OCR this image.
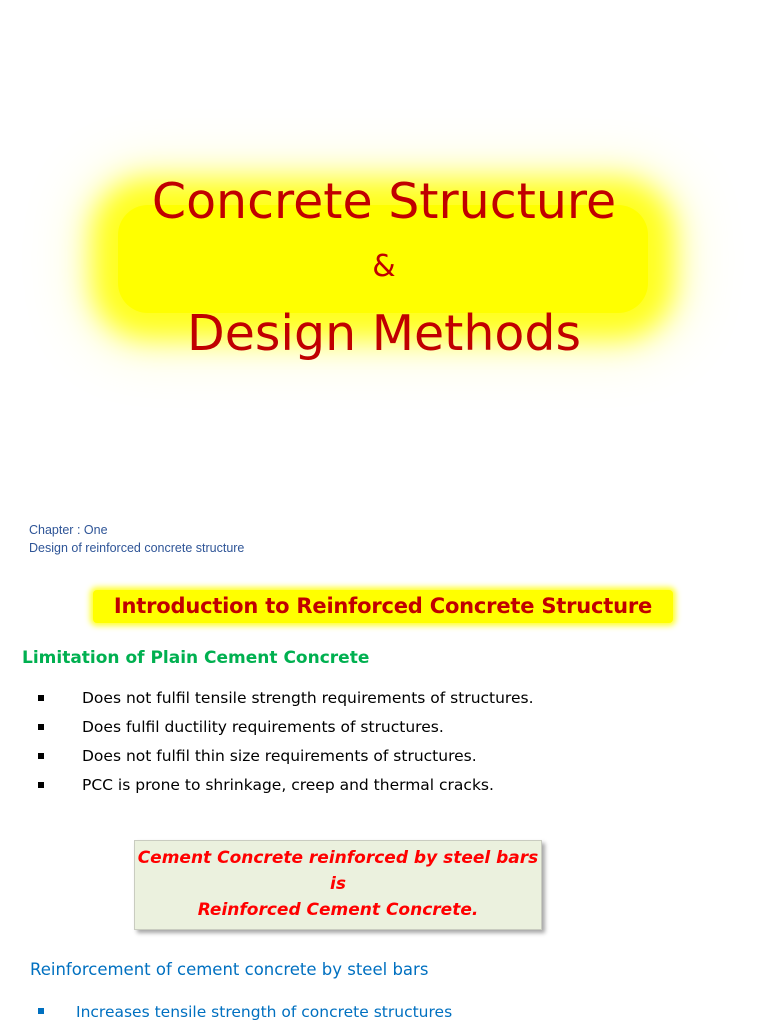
Concrete Structure
&
Design Methods
Chapter : One
Design of reinforced concrete structure
Introduction to Reinforced Concrete Structure
Limitation of Plain Cement Concrete
Does not fulfil tensile strength requirements of structures.
Does fulfil ductility requirements of structures.
Does not fulfil thin size requirements of structures.
PCC is prone to shrinkage, creep and thermal cracks.
Cement Concrete reinforced by steel bars
is
Reinforced Cement Concrete.
Reinforcement of cement concrete by steel bars
Increases tensile strength of concrete structures
